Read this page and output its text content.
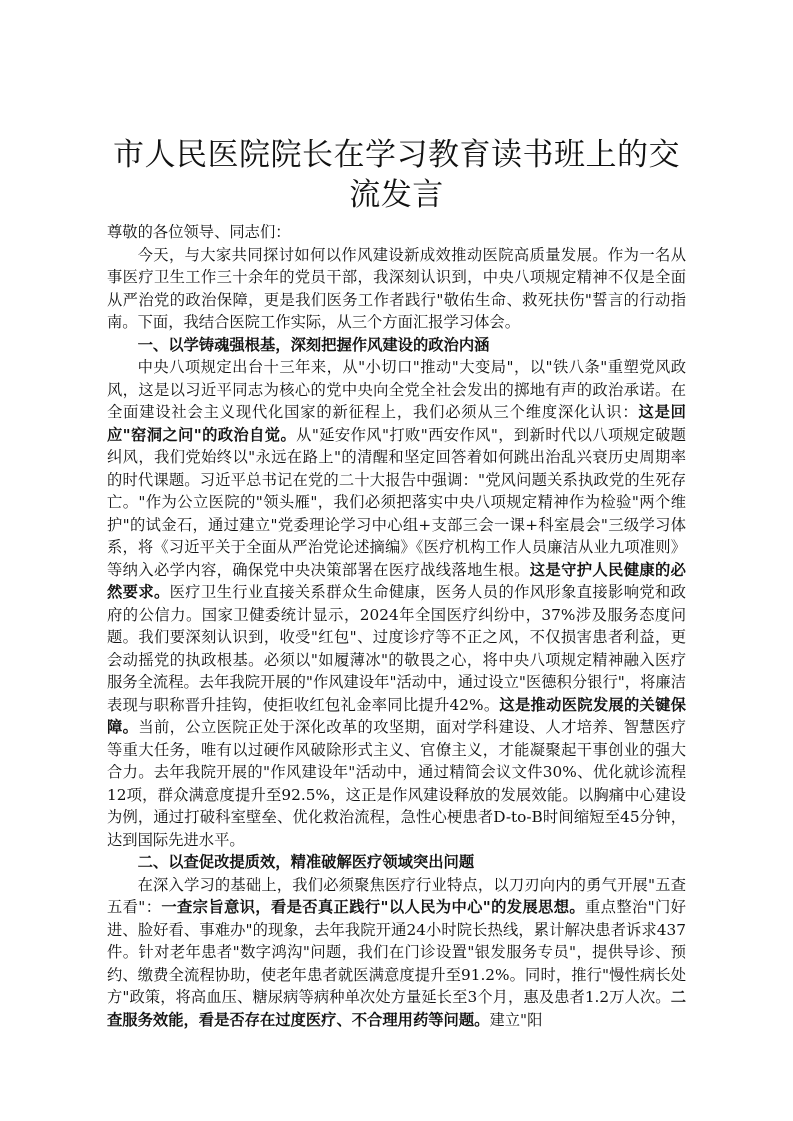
市人民医院院长在学习教育读书班上的交流发言

尊敬的各位领导、同志们：

今天，与大家共同探讨如何以作风建设新成效推动医院高质量发展。作为一名从事医疗卫生工作三十余年的党员干部，我深刻认识到，中央八项规定精神不仅是全面从严治党的政治保障，更是我们医务工作者践行"敬佑生命、救死扶伤"誓言的行动指南。下面，我结合医院工作实际，从三个方面汇报学习体会。

一、以学铸魂强根基，深刻把握作风建设的政治内涵

中央八项规定出台十三年来，从"小切口"推动"大变局"，以"铁八条"重塑党风政风，这是以习近平同志为核心的党中央向全党全社会发出的掷地有声的政治承诺。在全面建设社会主义现代化国家的新征程上，我们必须从三个维度深化认识：这是回应"窑洞之问"的政治自觉。从"延安作风"打败"西安作风"，到新时代以八项规定破题纠风，我们党始终以"永远在路上"的清醒和坚定回答着如何跳出治乱兴衰历史周期率的时代课题。习近平总书记在党的二十大报告中强调："党风问题关系执政党的生死存亡。"作为公立医院的"领头雁"，我们必须把落实中央八项规定精神作为检验"两个维护"的试金石，通过建立"党委理论学习中心组+支部三会一课+科室晨会"三级学习体系，将《习近平关于全面从严治党论述摘编》《医疗机构工作人员廉洁从业九项准则》等纳入必学内容，确保党中央决策部署在医疗战线落地生根。这是守护人民健康的必然要求。医疗卫生行业直接关系群众生命健康，医务人员的作风形象直接影响党和政府的公信力。国家卫健委统计显示，2024年全国医疗纠纷中，37%涉及服务态度问题。我们要深刻认识到，收受"红包"、过度诊疗等不正之风，不仅损害患者利益，更会动摇党的执政根基。必须以"如履薄冰"的敬畏之心，将中央八项规定精神融入医疗服务全流程。去年我院开展的"作风建设年"活动中，通过设立"医德积分银行"，将廉洁表现与职称晋升挂钩，使拒收红包礼金率同比提升42%。这是推动医院发展的关键保障。当前，公立医院正处于深化改革的攻坚期，面对学科建设、人才培养、智慧医疗等重大任务，唯有以过硬作风破除形式主义、官僚主义，才能凝聚起干事创业的强大合力。去年我院开展的"作风建设年"活动中，通过精简会议文件30%、优化就诊流程12项，群众满意度提升至92.5%，这正是作风建设释放的发展效能。以胸痛中心建设为例，通过打破科室壁垒、优化救治流程，急性心梗患者D-to-B时间缩短至45分钟，达到国际先进水平。

二、以查促改提质效，精准破解医疗领域突出问题

在深入学习的基础上，我们必须聚焦医疗行业特点，以刀刃向内的勇气开展"五查五看"：一查宗旨意识，看是否真正践行"以人民为中心"的发展思想。重点整治"门好进、脸好看、事难办"的现象，去年我院开通24小时院长热线，累计解决患者诉求437件。针对老年患者"数字鸿沟"问题，我们在门诊设置"银发服务专员"，提供导诊、预约、缴费全流程协助，使老年患者就医满意度提升至91.2%。同时，推行"慢性病长处方"政策，将高血压、糖尿病等病种单次处方量延长至3个月，惠及患者1.2万人次。二查服务效能，看是否存在过度医疗、不合理用药等问题。建立"阳
